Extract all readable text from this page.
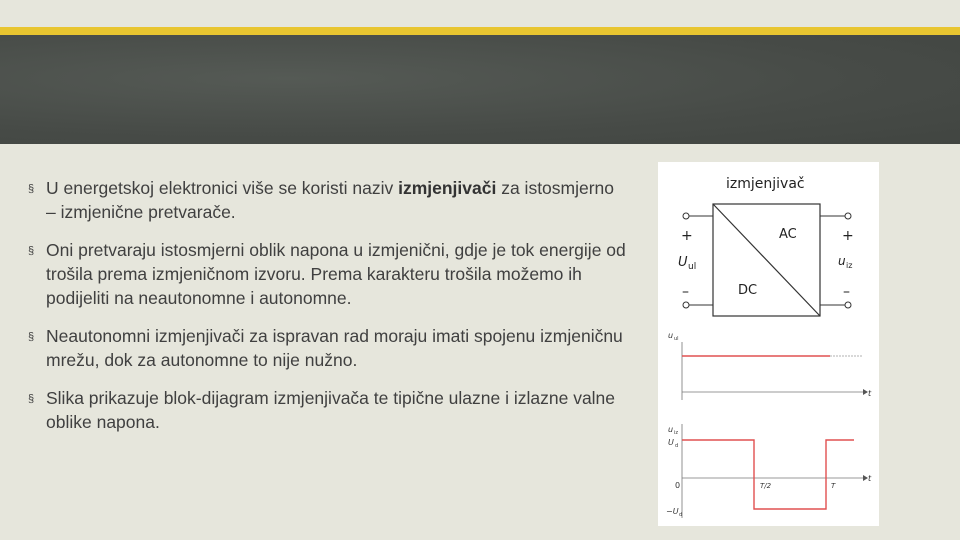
§ U energetskoj elektronici više se koristi naziv izmjenjivači za istosmjerno – izmjenične pretvarače.
§ Oni pretvaraju istosmjerni oblik napona u izmjenični, gdje je tok energije od trošila prema izmjeničnom izvoru. Prema karakteru trošila možemo ih podijeliti na neautonomne i autonomne.
§ Neautonomni izmjenjivači za ispravan rad moraju imati spojenu izmjeničnu mrežu, dok za autonomne to nije nužno.
§ Slika prikazuje blok-dijagram izmjenjivača te tipične ulazne i izlazne valne oblike napona.
izmjenjivač
AC
DC
+
U ul
–
+
u iz
–
u ul
t
u iz
U d
0
−U d
t
T/2	T
